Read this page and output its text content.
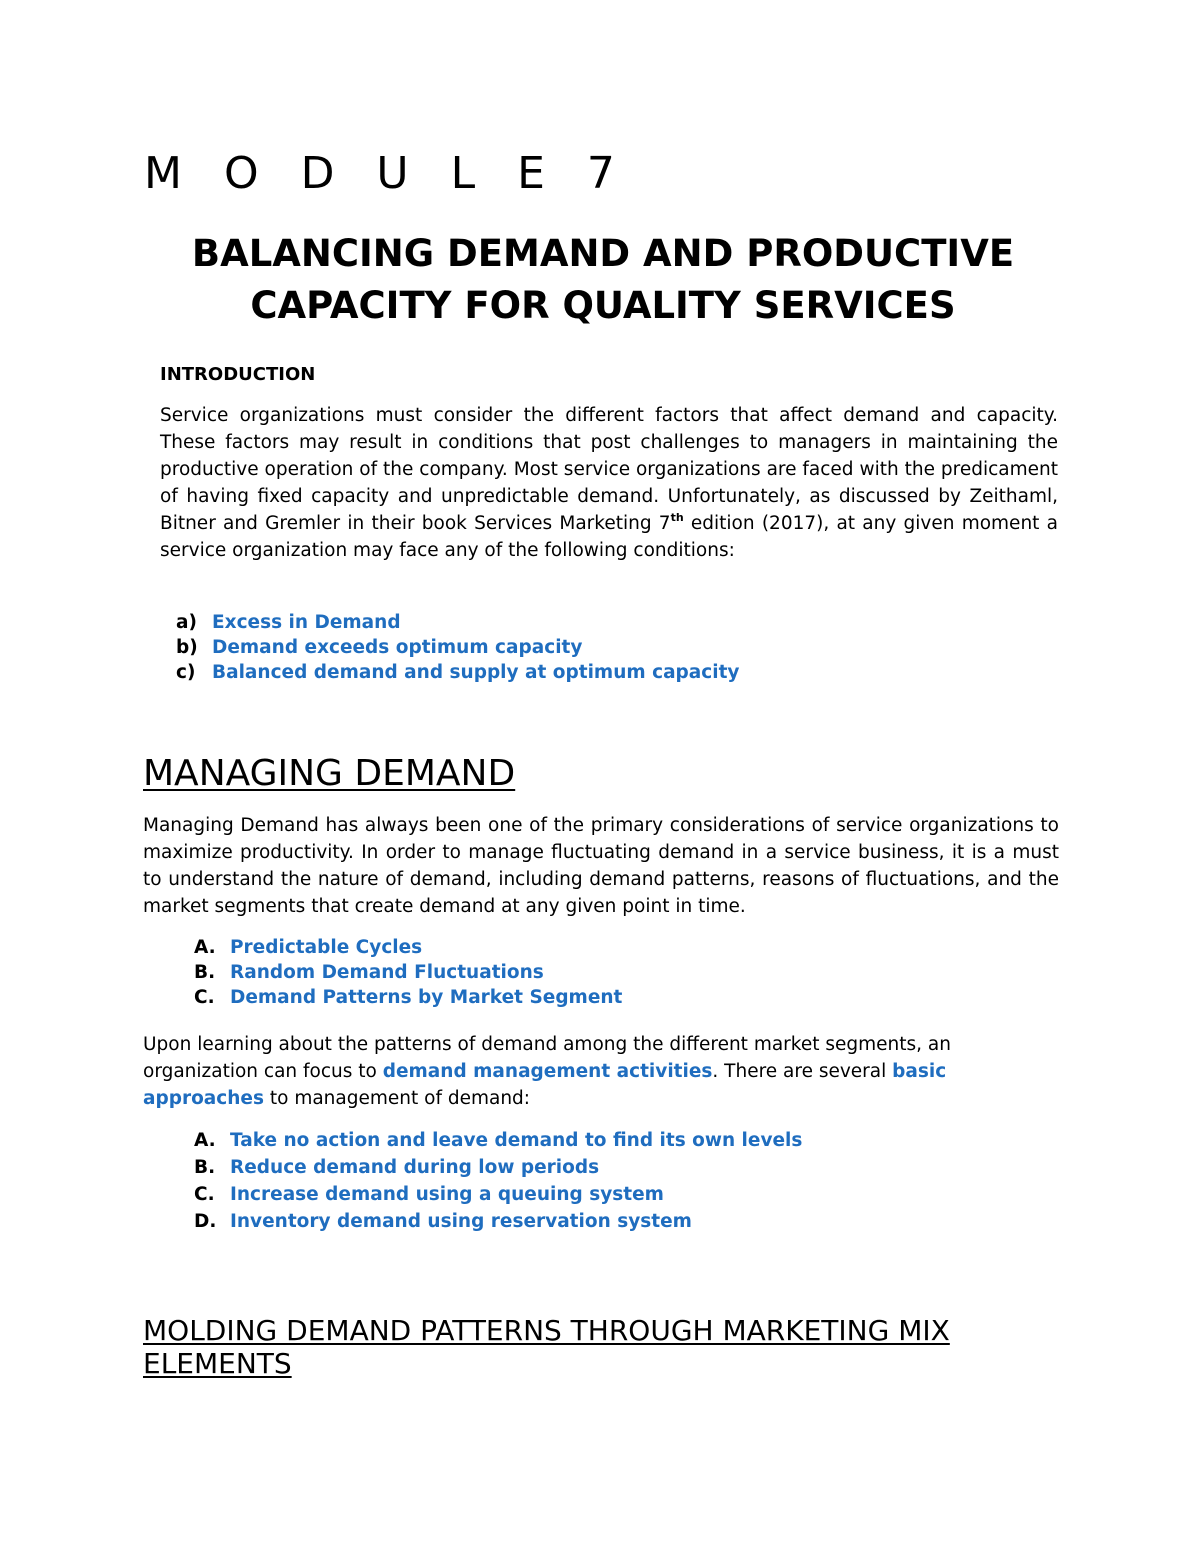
M O D U L E 7
BALANCING DEMAND AND PRODUCTIVE CAPACITY FOR QUALITY SERVICES
INTRODUCTION

Service organizations must consider the different factors that affect demand and capacity. These factors may result in conditions that post challenges to managers in maintaining the productive operation of the company. Most service organizations are faced with the predicament of having fixed capacity and unpredictable demand. Unfortunately, as discussed by Zeithaml, Bitner and Gremler in their book Services Marketing 7th edition (2017), at any given moment a service organization may face any of the following conditions:

a) Excess in Demand
b) Demand exceeds optimum capacity
c) Balanced demand and supply at optimum capacity
MANAGING DEMAND

Managing Demand has always been one of the primary considerations of service organizations to maximize productivity. In order to manage fluctuating demand in a service business, it is a must to understand the nature of demand, including demand patterns, reasons of fluctuations, and the market segments that create demand at any given point in time.

A. Predictable Cycles
B. Random Demand Fluctuations
C. Demand Patterns by Market Segment

Upon learning about the patterns of demand among the different market segments, an organization can focus to demand management activities. There are several basic approaches to management of demand:

A. Take no action and leave demand to find its own levels
B. Reduce demand during low periods
C. Increase demand using a queuing system
D. Inventory demand using reservation system
MOLDING DEMAND PATTERNS THROUGH MARKETING MIX ELEMENTS
